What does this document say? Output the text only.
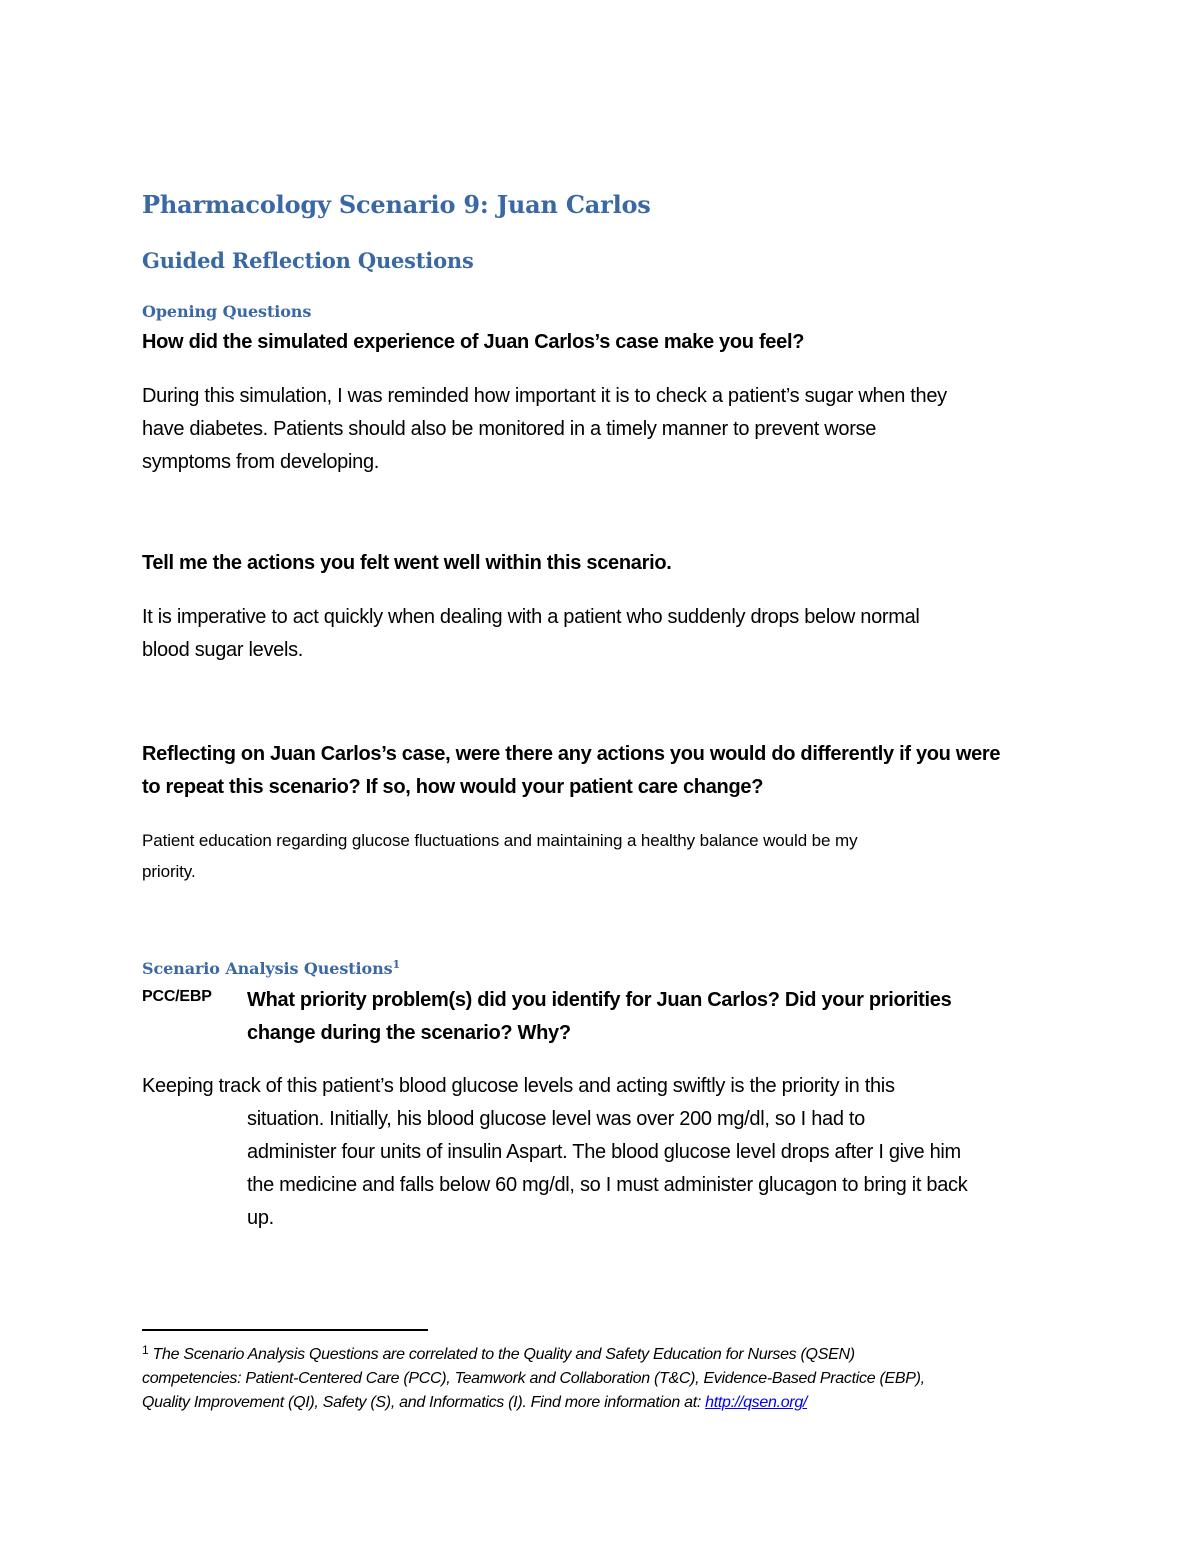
Pharmacology Scenario 9: Juan Carlos
Guided Reflection Questions
Opening Questions

How did the simulated experience of Juan Carlos’s case make you feel?

During this simulation, I was reminded how important it is to check a patient’s sugar when they
have diabetes. Patients should also be monitored in a timely manner to prevent worse
symptoms from developing.

Tell me the actions you felt went well within this scenario.

It is imperative to act quickly when dealing with a patient who suddenly drops below normal
blood sugar levels.
Reflecting on Juan Carlos’s case, were there any actions you would do differently if you were
to repeat this scenario? If so, how would your patient care change?
Patient education regarding glucose fluctuations and maintaining a healthy balance would be my
priority.
Scenario Analysis Questions$^1$
PCC/EBP What priority problem(s) did you identify for Juan Carlos? Did your priorities
change during the scenario? Why?

Keeping track of this patient’s blood glucose levels and acting swiftly is the priority in this

situation. Initially, his blood glucose level was over 200 mg/dl, so I had to
administer four units of insulin Aspart. The blood glucose level drops after I give him
the medicine and falls below 60 mg/dl, so I must administer glucagon to bring it back
up.
$^1$ The Scenario Analysis Questions are correlated to the Quality and Safety Education for Nurses (QSEN)
competencies: Patient-Centered Care (PCC), Teamwork and Collaboration (T&C), Evidence-Based Practice (EBP),
Quality Improvement (QI), Safety (S), and Informatics (I). Find more information at: http://qsen.org/
